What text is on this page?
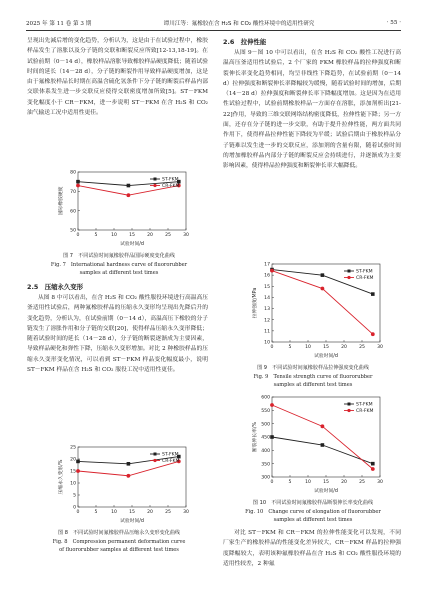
2025 年 第 11 卷 第 3 期	谭川江等：氟橡胶在含 H₂S 和 CO₂ 酸性环境中的适用性研究	· 55 ·

呈现出先減后增的变化趋势，分析认为，这是由于在试验过程中，橡胶样品发生了溶胀以及分子链的交联和断裂反应所致[12-13,18-19]。在试验前期（0－14 d），橡胶样品溶胀导致橡胶样品硬度降低；随着试验时间的延长（14－28 d），分子链的断裂作用导致样品硬度增加，这是由于氟橡胶样品长时期在高温含硫化氢条件下分子链的断裂后样品内部交联体系发生进一步交联反应使得交联密度增加所致[5]。ST－FKM 变化幅度小于 CR－FKM，进一步说明 ST－FKM 在含 H₂S 和 CO₂ 油气输送工况中适用性更佳。

0	5	10	15	20	25	30
50
60
70
80
试验时间/d
国际橡胶硬度
ST-FKM
CR-FKM
图 7　不同试验时间氟橡胶样品国际硬度变化曲线
Fig. 7　International hardness curve of fluororubber
samples at different test times
2.5　压缩永久变形

从图 8 中可以看出，在含 H₂S 和 CO₂ 酸性服役环境进行高温高压釜适用性试验后，两种氟橡胶样品的压缩永久变形均呈现出先降后升的变化趋势，分析认为，在试验前期（0－14 d），高温高压下橡胶的分子链发生了溶胀作用和分子链的交联[20]，使得样品压缩永久变形降低；随着试验时间的延长（14－28 d），分子链的断裂逐渐成为主要因素，导致样品硬化和弹性下降，压缩永久变形增加。对比 2 种橡胶样品的压缩永久变形变化情况，可以看到 ST－FKM 样品变化幅度最小，说明 ST－FKM 样品在含 H₂S 和 CO₂ 服役工况中适用性更佳。

0	5	10	15	20	25	30
0
5
10
15
20
25
试验时间/d
压缩永久变形/%
ST-FKM
CR-FKM
图 8　不同试验时间氟橡胶样品压缩永久变形变化曲线
Fig. 8　Compression permanent deformation curve
of fluororubber samples at different test times
2.6　拉伸性能

从图 9－图 10 中可以看出，在含 H₂S 和 CO₂ 酸性工况进行高温高压釜适用性试验后，2 个厂家的 FKM 橡胶样品的拉伸强度和断裂伸长率变化趋势相同，均呈非线性下降趋势，在试验前期（0－14 d）拉伸强度和断裂伸长率降幅较为缓慢，随着试验时间的增加，后期（14－28 d）拉伸强度和断裂伸长率下降幅度增加。这是因为在适用性试验过程中，试验前期橡胶样品一方面存在溶胀，添加剂析出[21-22]作用，导致的三维交联网络结构密度降低，拉伸性能下降；另一方面，还存在分子链的进一步交联，有助于提升拉伸性能，两方面共同作用下，使得样品拉伸性能下降较为平缓；试验后期由于橡胶样品分子链难以发生进一步的交联反应，添加剂的含量有限，随着试验时间的增加橡胶样品内部分子链的断裂反应会持续进行，并逐渐成为主要影响因素，使得样品拉伸强度和断裂伸长率大幅降低。

0	5	10	15	20	25	30
10
11
12
13
14
15
16
17
试验时间/d
拉伸强度/MPa
ST-FKM
CR-FKM
图 9　不同试验时间氟橡胶样品拉伸强度变化曲线
Fig. 9　Tensile strength curve of fluororubber
samples at different test times
0	5	10	15	20	25	30
300
350
400
450
500
550
600
试验时间/d
断裂伸长率/%
ST-FKM
CR-FKM
图 10　不同试验时间氟橡胶样品断裂伸长率变化曲线
Fig. 10　Change curve of elongation of fluororubber
samples at different test times

对比 ST－FKM 和 CR－FKM 的拉伸性能变化可以发现，不同厂家生产的橡胶样品的性能变化差异较大，CR－FKM 样品的拉伸强度降幅较大，表明该种氟橡胶样品在含 H₂S 和 CO₂ 酸性服役环境的适用性较差，2 种氟
